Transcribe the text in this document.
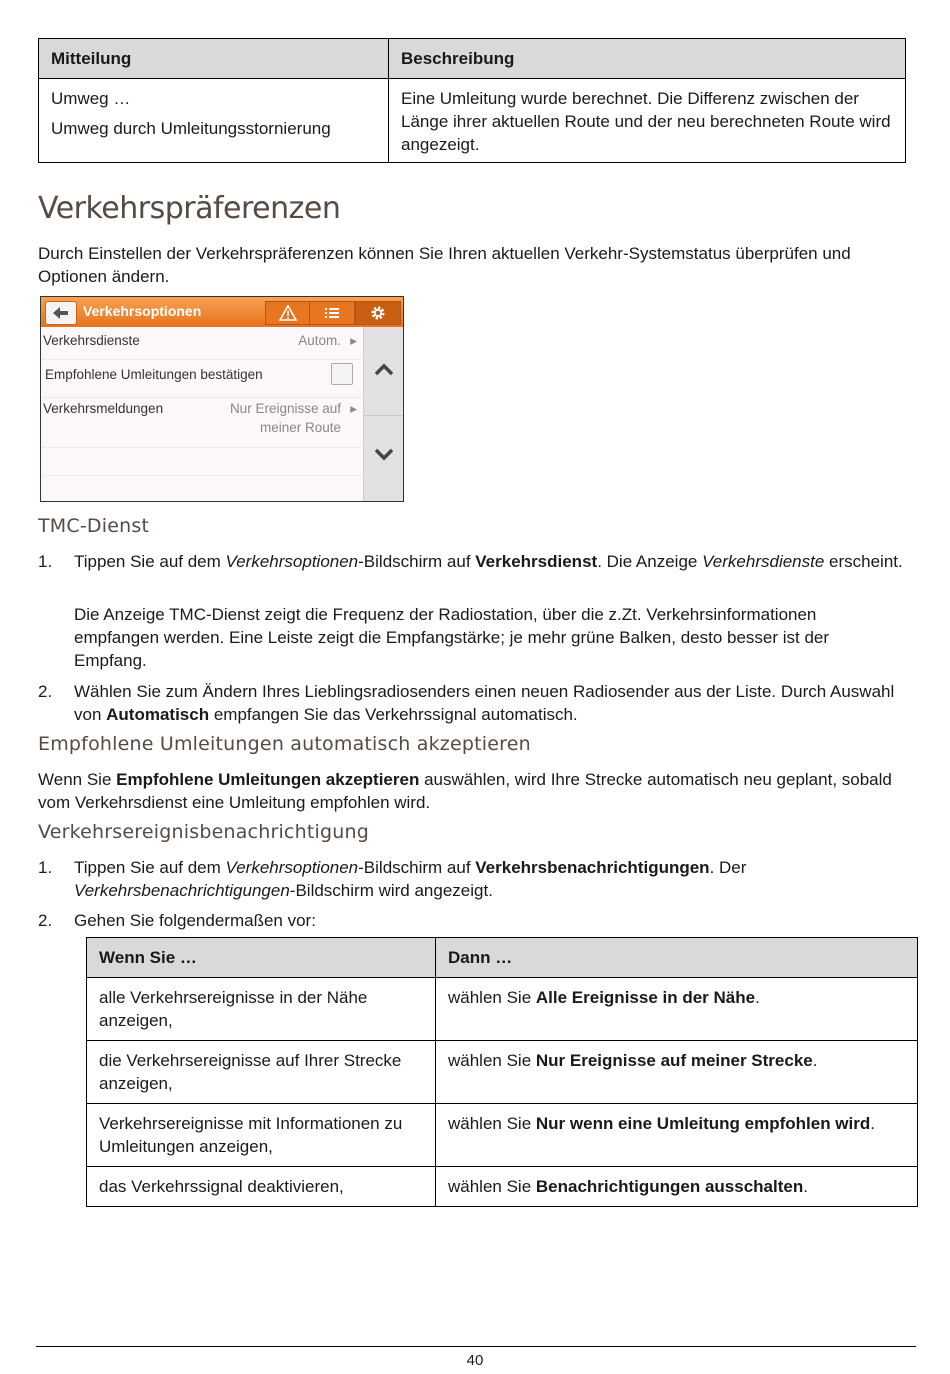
Mitteilung	Beschreibung

Umweg …
Umweg durch Umleitungsstornierung	Eine Umleitung wurde berechnet. Die Differenz zwischen der Länge ihrer aktuellen Route und der neu berechneten Route wird angezeigt.
Verkehrspräferenzen

Durch Einstellen der Verkehrspräferenzen können Sie Ihren aktuellen Verkehr-Systemstatus überprüfen und Optionen ändern.

Verkehrsoptionen
Verkehrsdienste	Autom. ▸
Empfohlene Umleitungen bestätigen
Verkehrsmeldungen	Nur Ereignisse auf ▸
meiner Route
TMC-Dienst

1. Tippen Sie auf dem Verkehrsoptionen-Bildschirm auf Verkehrsdienst. Die Anzeige Verkehrsdienste erscheint.

Die Anzeige TMC-Dienst zeigt die Frequenz der Radiostation, über die z.Zt. Verkehrsinformationen empfangen werden. Eine Leiste zeigt die Empfangstärke; je mehr grüne Balken, desto besser ist der Empfang.

2. Wählen Sie zum Ändern Ihres Lieblingsradiosenders einen neuen Radiosender aus der Liste. Durch Auswahl von Automatisch empfangen Sie das Verkehrssignal automatisch.

Empfohlene Umleitungen automatisch akzeptieren

Wenn Sie Empfohlene Umleitungen akzeptieren auswählen, wird Ihre Strecke automatisch neu geplant, sobald vom Verkehrsdienst eine Umleitung empfohlen wird.

Verkehrsereignisbenachrichtigung

1. Tippen Sie auf dem Verkehrsoptionen-Bildschirm auf Verkehrsbenachrichtigungen. Der Verkehrsbenachrichtigungen-Bildschirm wird angezeigt.

2. Gehen Sie folgendermaßen vor:

Wenn Sie …	Dann …
alle Verkehrsereignisse in der Nähe anzeigen,	wählen Sie Alle Ereignisse in der Nähe.
die Verkehrsereignisse auf Ihrer Strecke anzeigen,	wählen Sie Nur Ereignisse auf meiner Strecke.
Verkehrsereignisse mit Informationen zu Umleitungen anzeigen,	wählen Sie Nur wenn eine Umleitung empfohlen wird.
das Verkehrssignal deaktivieren,	wählen Sie Benachrichtigungen ausschalten.
40
